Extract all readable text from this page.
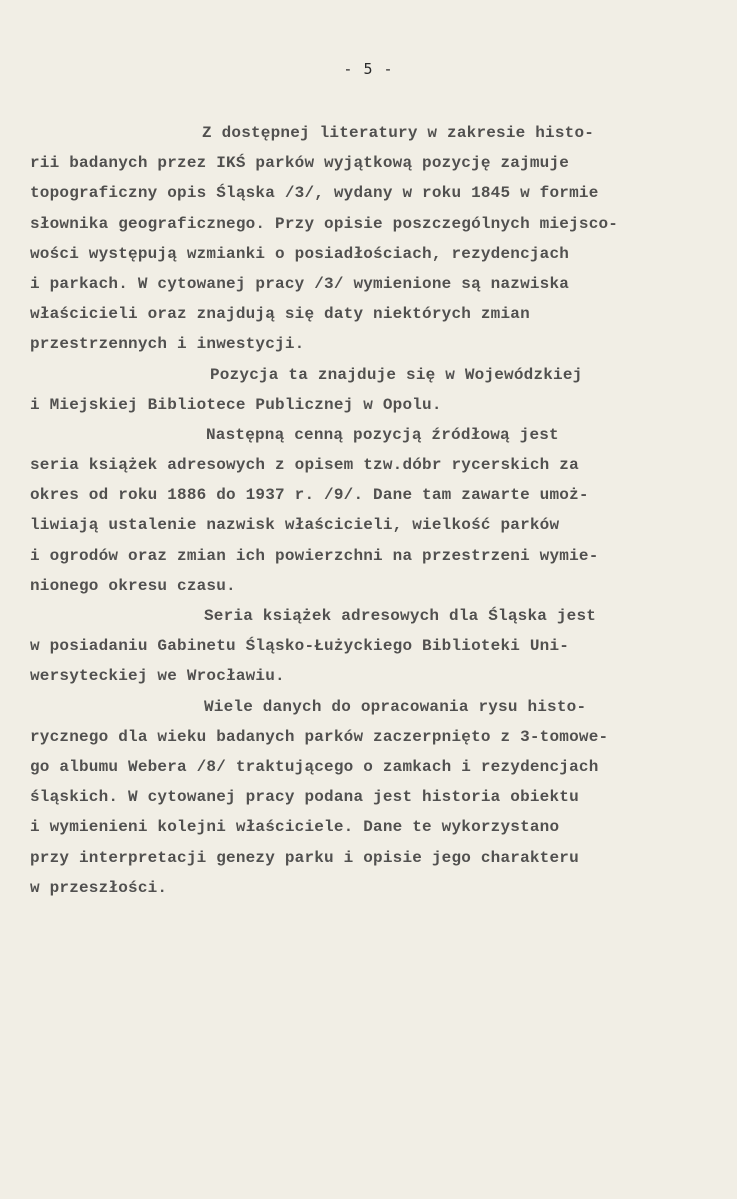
- 5 -
Z dostępnej literatury w zakresie histo-
rii badanych przez IKŚ parków wyjątkową pozycję zajmuje
topograficzny opis Śląska /3/, wydany w roku 1845 w formie
słownika geograficznego. Przy opisie poszczególnych miejsco-
wości występują wzmianki o posiadłościach, rezydencjach
i parkach. W cytowanej pracy /3/ wymienione są nazwiska
właścicieli oraz znajdują się daty niektórych zmian
przestrzennych i inwestycji.
Pozycja ta znajduje się w Wojewódzkiej
i Miejskiej Bibliotece Publicznej w Opolu.
Następną cenną pozycją źródłową jest
seria książek adresowych z opisem tzw.dóbr rycerskich za
okres od roku 1886 do 1937 r. /9/. Dane tam zawarte umoż-
liwiają ustalenie nazwisk właścicieli, wielkość parków
i ogrodów oraz zmian ich powierzchni na przestrzeni wymie-
nionego okresu czasu.
Seria książek adresowych dla Śląska jest
w posiadaniu Gabinetu Śląsko-Łużyckiego Biblioteki Uni-
wersyteckiej we Wrocławiu.
Wiele danych do opracowania rysu histo-
rycznego dla wieku badanych parków zaczerpnięto z 3-tomowe-
go albumu Webera /8/ traktującego o zamkach i rezydencjach
śląskich. W cytowanej pracy podana jest historia obiektu
i wymienieni kolejni właściciele. Dane te wykorzystano
przy interpretacji genezy parku i opisie jego charakteru
w przeszłości.
